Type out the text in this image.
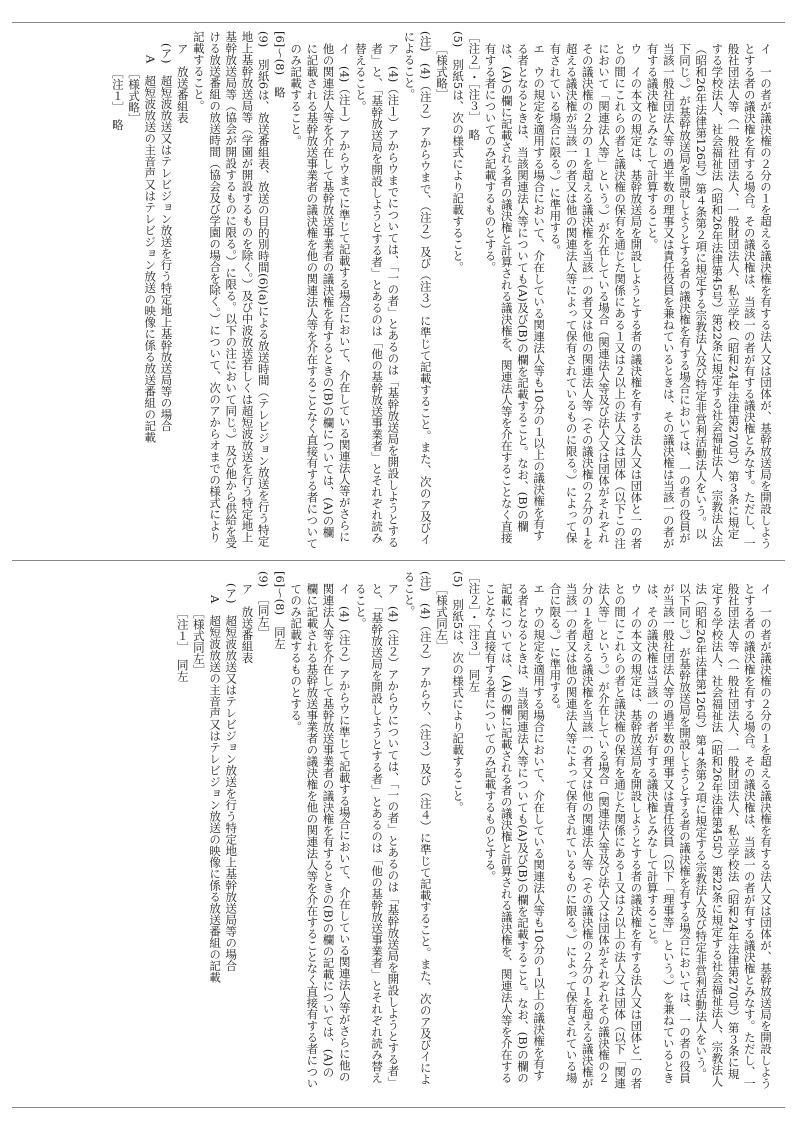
イ　一の者が議決権の２分の１を超える議決権を有する法人又は団体が、基幹放送局を開設しようとする者の議決権を有する場合。その議決権は、当該一の者が有する議決権とみなす。ただし、一般社団法人等（一般社団法人、一般財団法人、私立学校（昭和24年法律第270号）第３条に規定する学校法人、社会福祉法（昭和26年法律第45号）第22条に規定する社会福祉法人、宗教法人法（昭和26年法律第126号）第４条第２項に規定する宗教法人及び特定非営利活動法人をいう。以下同じ。）が基幹放送局を開設しようとする者の議決権を有する場合においては、一の者の役員が当該一般社団法人等の過半数の理事又は責任役員を兼ねているときは、その議決権は当該一の者が有する議決権とみなして計算すること。

ウ　イの本文の規定は、基幹放送局を開設しようとする者の議決権を有する法人又は団体と一の者との間にこれらの者と議決権の保有を通じた関係にある１又は２以上の法人又は団体（以下この注において「関連法人等」という。）が介在している場合（関連法人等及び法人又は団体がそれぞれその議決権の２分の１を超える議決権を当該一の者又は他の関連法人等（その議決権の２分の１を超える議決権が当該一の者又は他の関連法人等によって保有されているものに限る。）によって保有されている場合に限る。）に準用する。

エ　ウの規定を適用する場合において、介在している関連法人等も10分の１以上の議決権を有する者となるときは、当該関連法人等についても(A)及び(B)の欄を記載すること。なお、(B)の欄は、(A)の欄に記載される者の議決権と計算される議決権を、関連法人等を介在することなく直接有する者についてのみ記載するものとする。

［注２］・［注３］　略

(5)　別紙5は、次の様式により記載すること。

［様式略］

(注)　(4)（注２）アからウまで、（注２）及び（注３）に準じて記載すること。また、次のア及びイによること。

ア　(4)（注１）アからウまでについては、「一の者」とあるのは「基幹放送局を開設しようとする者」と、「基幹放送局を開設しようとする者」とあるのは「他の基幹放送事業者」とそれぞれ読み替えること。

イ　(4)（注１）アからウまでに準じて記載する場合において、介在している関連法人等がさらに他の関連法人等を介在して基幹放送事業者の議決権を有するときの(B)の欄については、(A)の欄に記載される基幹放送事業者の議決権を他の関連法人等を介在することなく直接有する者についてのみ記載すること。

[6]～(8)　略

(9)　別紙6は、放送番組表、放送の目的別時間(6)(a)による放送時間（テレビジョン放送を行う特定地上基幹放送局等（学園が開設するものを除く。）及び中波放送若しくは超短波放送を行う特定地上基幹放送局等（協会が開設するものに限る。）に限る。以下の注において同じ。）及び他から供給を受ける放送番組の放送時間（協会及び学園の場合を除く。）について、次のアからオまでの様式により記載すること。

ア　放送番組表

(ア)　超短波放送又はテレビジョン放送を行う特定地上基幹放送局等の場合

A　超短波放送の主音声又はテレビジョン放送の映像に係る放送番組の記載

［様式略］

［注１］　略

イ　一の者が議決権の２分の１を超える議決権を有する法人又は団体が、基幹放送局を開設しようとする者の議決権を有する場合。その議決権は、当該一の者が有する議決権とみなす。ただし、一般社団法人等（一般社団法人、一般財団法人、私立学校法（昭和24年法律第270号）第３条に規定する学校法人、社会福祉法（昭和26年法律第45号）第22条に規定する社会福祉法人、宗教法人法（昭和26年法律第126号）第４条第２項に規定する宗教法人及び特定非営利活動法人をいう。以下同じ。）が基幹放送局を開設しようとする者の議決権を有する場合においては、一の者の役員が当該一般社団法人等の過半数の理事又は責任役員（以下「理事等」という。）を兼ねているときは、その議決権は当該一の者が有する議決権とみなして計算すること。

ウ　イの本文の規定は、基幹放送局を開設しようとする者の議決権を有する法人又は団体と一の者との間にこれらの者と議決権の保有を通じた関係にある１又は２以上の法人又は団体（以下「関連法人等」という。）が介在している場合（関連法人等及び法人又は団体がそれぞれその議決権の２分の１を超える議決権を当該一の者又は他の関連法人等（その議決権の２分の１を超える議決権が当該一の者又は他の関連法人等によって保有されているものに限る。）によって保有されている場合に限る。）に準用する。

エ　ウの規定を適用する場合において、介在している関連法人等も10分の１以上の議決権を有する者となるときは、当該関連法人等についても(A)及び(B)の欄を記載すること。なお、(B)の欄の記載については、(A)の欄に記載される者の議決権と計算される議決権を、関連法人等を介在することなく直接有する者についてのみ記載するものとする。

［注２］・［注３］　同左

(5)　別紙5は、次の様式により記載すること。

［様式同左］

(注)　(4)（注２）アからウ、（注３）及び（注４）に準じて記載すること。また、次のア及びイによること。

ア　(4)（注２）アからウについては、「一の者」とあるのは「基幹放送局を開設しようとする者」と、「基幹放送局を開設しようとする者」とあるのは「他の基幹放送事業者」とそれぞれ読み替えること。

イ　(4)（注２）アからウに準じて記載する場合において、介在している関連法人等がさらに他の関連法人等を介在して基幹放送事業者の議決権を有するときの(B)の欄の記載については、(A)の欄に記載される基幹放送事業者の議決権を他の関連法人等を介在することなく直接有する者についてのみ記載するものとする。

[6]～(8)　同左

(9)　［同左］

ア　放送番組表

(ア)　超短波放送又はテレビジョン放送を行う特定地上基幹放送局等の場合

A　超短波放送の主音声又はテレビジョン放送の映像に係る放送番組の記載

［様式同左］

［注１］　同左
